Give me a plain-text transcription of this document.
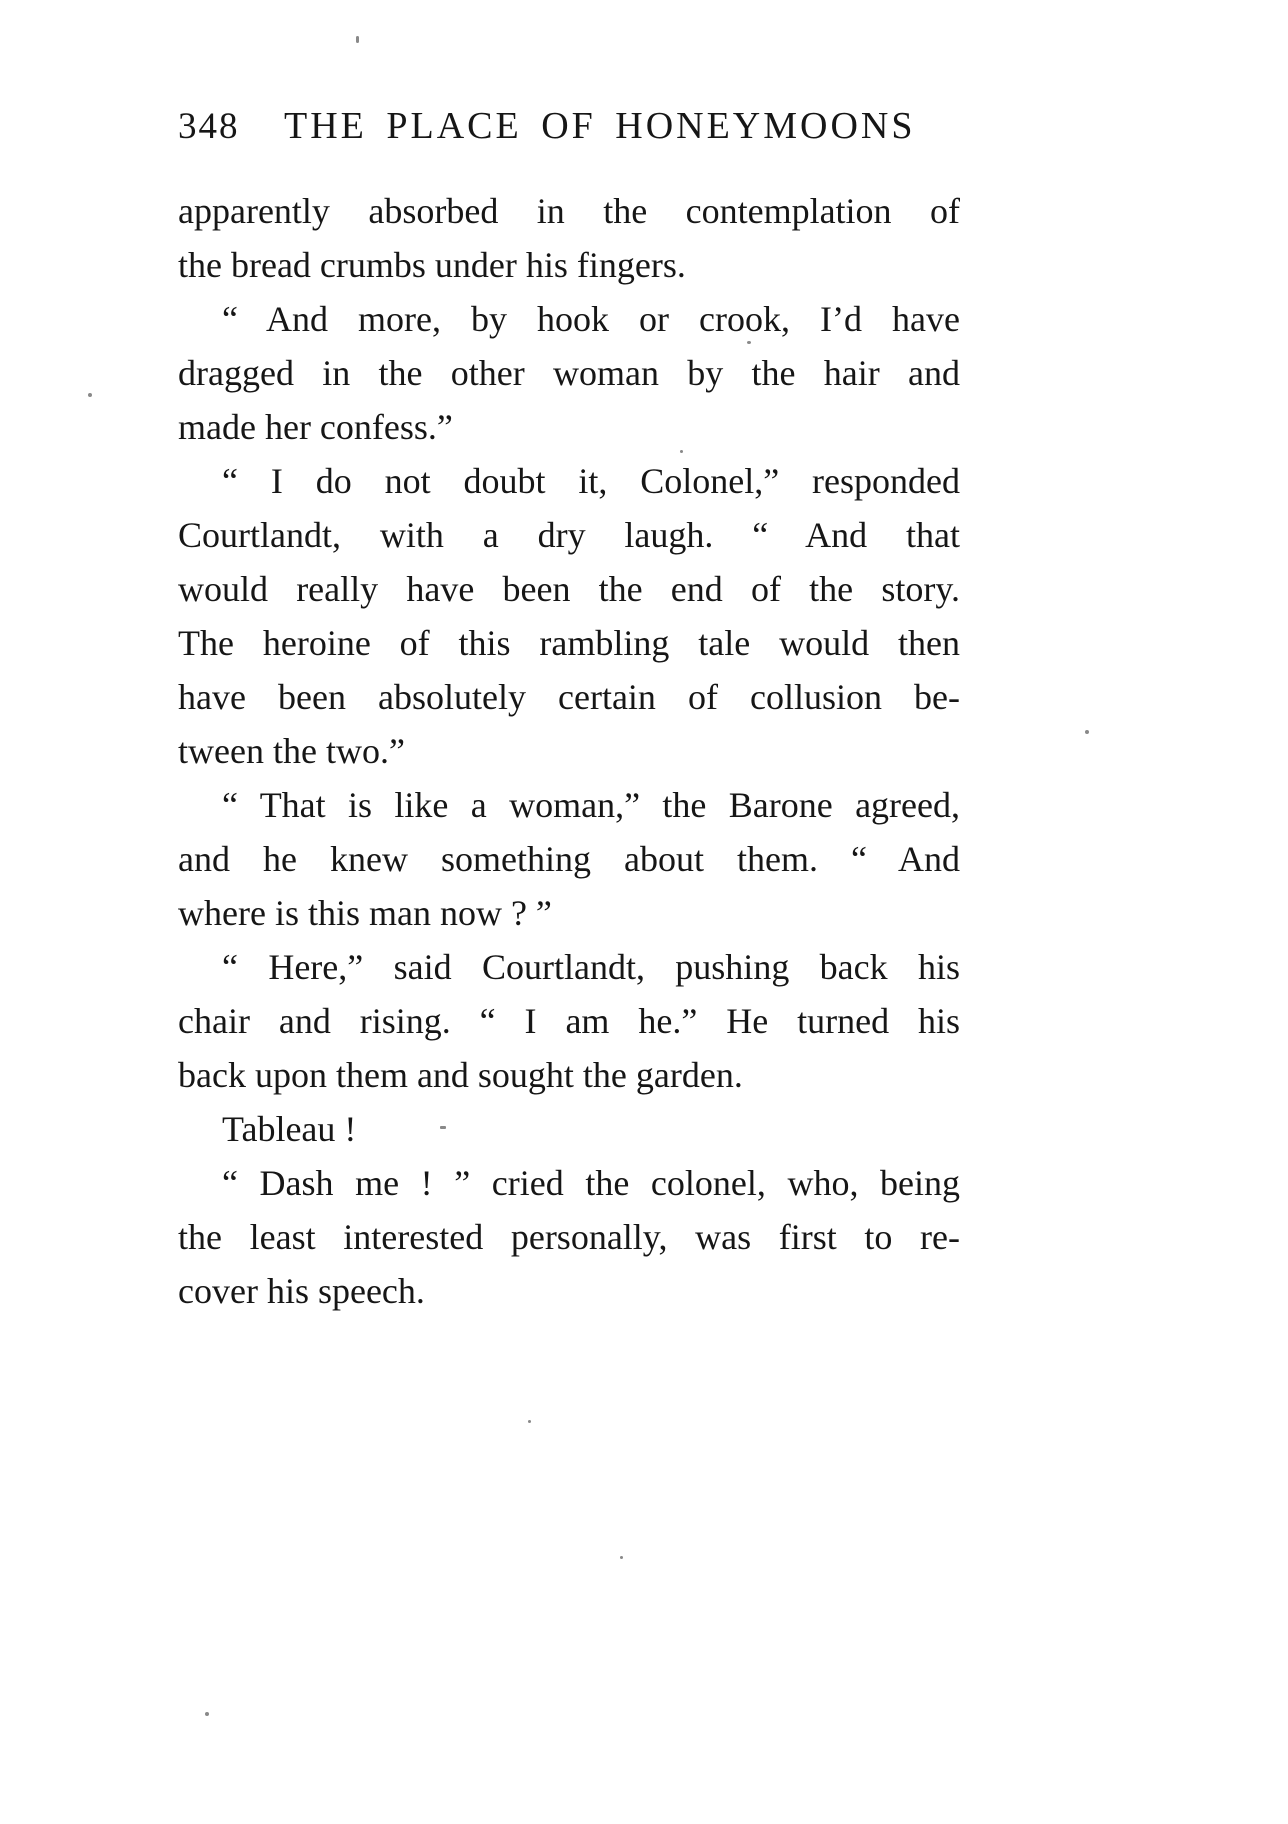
348	THE PLACE OF HONEYMOONS
apparently absorbed in the contemplation of
the bread crumbs under his fingers.
“ And more, by hook or crook, I’d have
dragged in the other woman by the hair and
made her confess.”
“ I do not doubt it, Colonel,” responded
Courtlandt, with a dry laugh. “ And that
would really have been the end of the story.
The heroine of this rambling tale would then
have been absolutely certain of collusion be-
tween the two.”
“ That is like a woman,” the Barone agreed,
and he knew something about them. “ And
where is this man now ? ”
“ Here,” said Courtlandt, pushing back his
chair and rising. “ I am he.” He turned his
back upon them and sought the garden.
Tableau !
“ Dash me ! ” cried the colonel, who, being
the least interested personally, was first to re-
cover his speech.
